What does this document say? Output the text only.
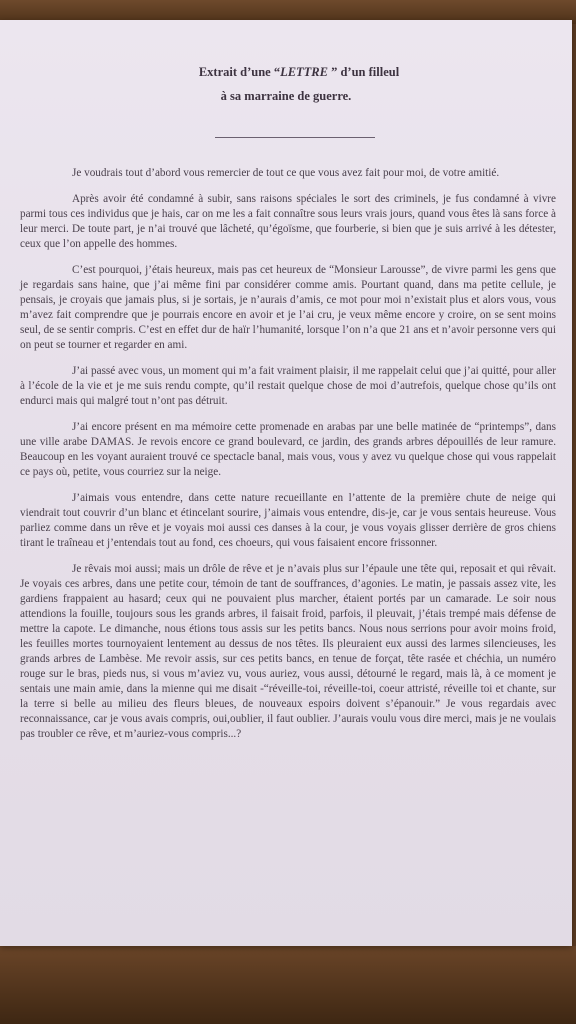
Extrait d’une “LETTRE ” d’un filleul
à sa marraine de guerre.

Je voudrais tout d’abord vous remercier de tout ce que vous avez fait pour moi, de votre amitié.

Après avoir été condamné à subir, sans raisons spéciales le sort des criminels, je fus condamné à vivre parmi tous ces individus que je hais, car on me les a fait connaître sous leurs vrais jours, quand vous êtes là sans force à leur merci. De toute part, je n’ai trouvé que lâcheté, qu’égoïsme, que fourberie, si bien que je suis arrivé à les détester, ceux que l’on appelle des hommes.

C’est pourquoi, j’étais heureux, mais pas cet heureux de “Monsieur Larousse”, de vivre parmi les gens que je regardais sans haine, que j’ai même fini par considérer comme amis. Pourtant quand, dans ma petite cellule, je pensais, je croyais que jamais plus, si je sortais, je n’aurais d’amis, ce mot pour moi n’existait plus et alors vous, vous m’avez fait comprendre que je pourrais encore en avoir et je l’ai cru, je veux même encore y croire, on se sent moins seul, de se sentir compris. C’est en effet dur de haïr l’humanité, lorsque l’on n’a que 21 ans et n’avoir personne vers qui on peut se tourner et regarder en ami.

J’ai passé avec vous, un moment qui m’a fait vraiment plaisir, il me rappelait celui que j’ai quitté, pour aller à l’école de la vie et je me suis rendu compte, qu’il restait quelque chose de moi d’autrefois, quelque chose qu’ils ont endurci mais qui malgré tout n’ont pas détruit.

J’ai encore présent en ma mémoire cette promenade en arabas par une belle matinée de “printemps”, dans une ville arabe DAMAS. Je revois encore ce grand boulevard, ce jardin, des grands arbres dépouillés de leur ramure. Beaucoup en les voyant auraient trouvé ce spectacle banal, mais vous, vous y avez vu quelque chose qui vous rappelait ce pays où, petite, vous courriez sur la neige.

J’aimais vous entendre, dans cette nature recueillante en l’attente de la première chute de neige qui viendrait tout couvrir d’un blanc et étincelant sourire, j’aimais vous entendre, dis-je, car je vous sentais heureuse. Vous parliez comme dans un rêve et je voyais moi aussi ces danses à la cour, je vous voyais glisser derrière de gros chiens tirant le traîneau et j’entendais tout au fond, ces choeurs, qui vous faisaient encore frissonner.

Je rêvais moi aussi; mais un drôle de rêve et je n’avais plus sur l’épaule une tête qui, reposait et qui rêvait. Je voyais ces arbres, dans une petite cour, témoin de tant de souffrances, d’agonies. Le matin, je passais assez vite, les gardiens frappaient au hasard; ceux qui ne pouvaient plus marcher, étaient portés par un camarade. Le soir nous attendions la fouille, toujours sous les grands arbres, il faisait froid, parfois, il pleuvait, j’étais trempé mais défense de mettre la capote. Le dimanche, nous étions tous assis sur les petits bancs. Nous nous serrions pour avoir moins froid, les feuilles mortes tournoyaient lentement au dessus de nos têtes. Ils pleuraient eux aussi des larmes silencieuses, les grands arbres de Lambèse. Me revoir assis, sur ces petits bancs, en tenue de forçat, tête rasée et chéchia, un numéro rouge sur le bras, pieds nus, si vous m’aviez vu, vous auriez, vous aussi, détourné le regard, mais là, à ce moment je sentais une main amie, dans la mienne qui me disait -“réveille-toi, réveille-toi, coeur attristé, réveille toi et chante, sur la terre si belle au milieu des fleurs bleues, de nouveaux espoirs doivent s’épanouir.” Je vous regardais avec reconnaissance, car je vous avais compris, oui,oublier, il faut oublier. J’aurais voulu vous dire merci, mais je ne voulais pas troubler ce rêve, et m’auriez-vous compris...?
